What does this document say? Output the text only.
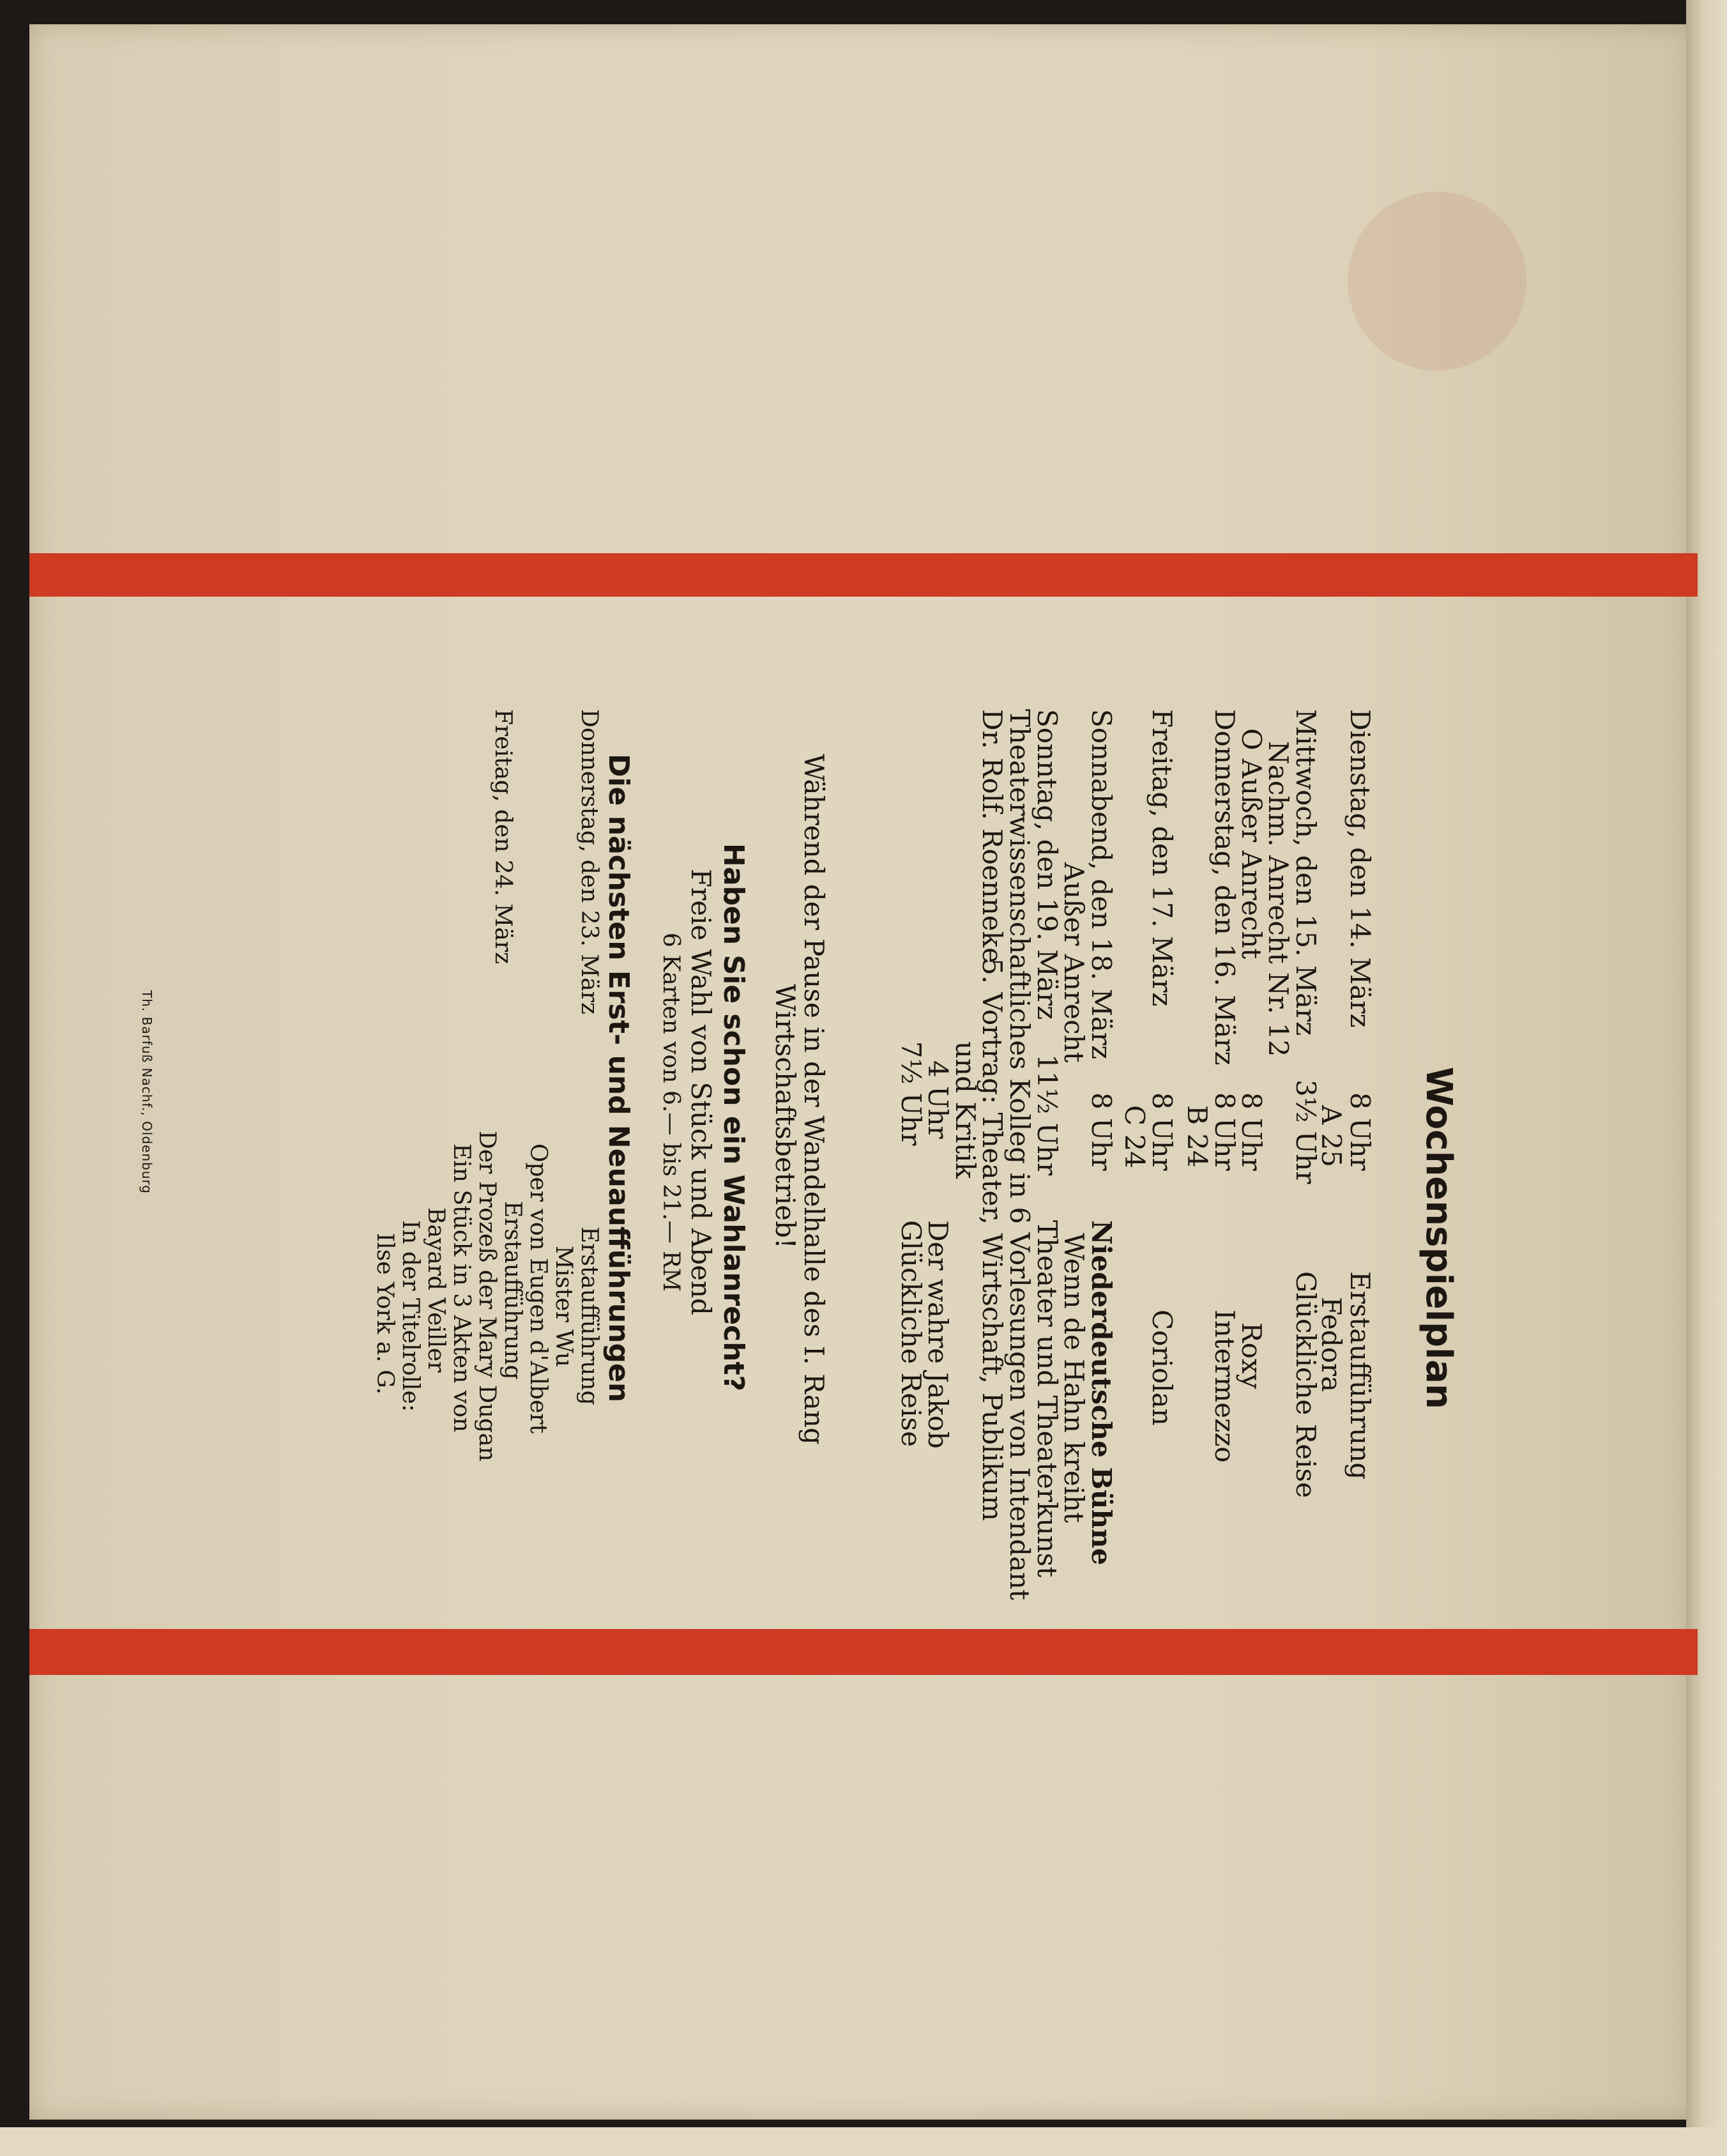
Wochenspielplan
Dienstag, den 14. März
8 Uhr
Erstaufführung
A 25
Fedora
Mittwoch, den 15. März
3½ Uhr
Glückliche Reise
Nachm. Anrecht Nr. 12
O Außer Anrecht
8 Uhr
Roxy
Donnerstag, den 16. März
8 Uhr
Intermezzo
B 24
Freitag, den 17. März
8 Uhr
Coriolan
C 24
Sonnabend, den 18. März
8 Uhr
Niederdeutsche Bühne
Außer Anrecht
Wenn de Hahn kreiht
Sonntag, den 19. März
11½ Uhr
Theater und Theaterkunst
Theaterwissenschaftliches Kolleg in 6 Vorlesungen von Intendant
Dr. Rolf. Roenneke
5. Vortrag: Theater, Wirtschaft, Publikum
und Kritik
4 Uhr
Der wahre Jakob
7½ Uhr
Glückliche Reise
Während der Pause in der Wandelhalle des I. Rang
Wirtschaftsbetrieb!
Haben Sie schon ein Wahlanrecht?
Freie Wahl von Stück und Abend
6 Karten von 6.— bis 21.— RM
Die nächsten Erst- und Neuaufführungen
Donnerstag, den 23. März
Erstaufführung
Mister Wu
Oper von Eugen d'Albert
Freitag, den 24. März
Erstaufführung
Der Prozeß der Mary Dugan
Ein Stück in 3 Akten von
Bayard Veiller
In der Titelrolle:
Ilse York a. G.
Th. Barfuß Nachf., Oldenburg
